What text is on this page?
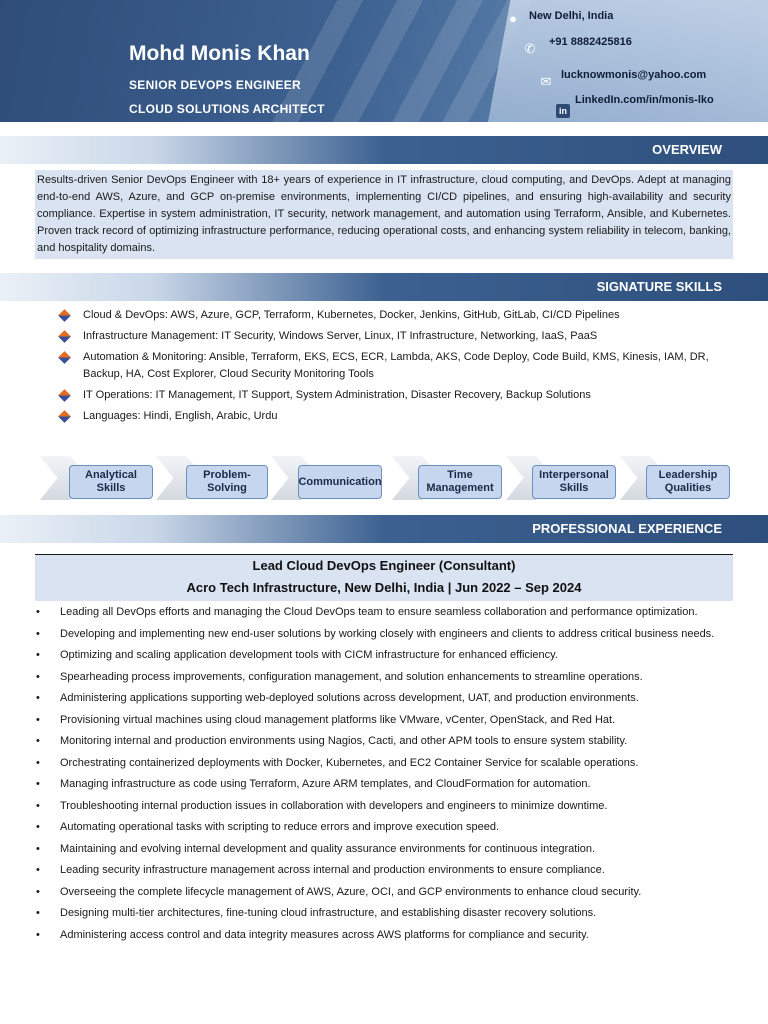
Mohd Monis Khan
SENIOR DEVOPS ENGINEER
CLOUD SOLUTIONS ARCHITECT
● New Delhi, India
✆ +91 8882425816
✉ lucknowmonis@yahoo.com
in
LinkedIn.com/in/monis-lko
OVERVIEW
Results-driven Senior DevOps Engineer with 18+ years of experience in IT infrastructure, cloud computing, and DevOps. Adept at managing end-to-end AWS, Azure, and GCP on-premise environments, implementing CI/CD pipelines, and ensuring high-availability and security compliance. Expertise in system administration, IT security, network management, and automation using Terraform, Ansible, and Kubernetes. Proven track record of optimizing infrastructure performance, reducing operational costs, and enhancing system reliability in telecom, banking, and hospitality domains.
SIGNATURE SKILLS
Cloud & DevOps: AWS, Azure, GCP, Terraform, Kubernetes, Docker, Jenkins, GitHub, GitLab, CI/CD Pipelines
Infrastructure Management: IT Security, Windows Server, Linux, IT Infrastructure, Networking, IaaS, PaaS
Automation & Monitoring: Ansible, Terraform, EKS, ECS, ECR, Lambda, AKS, Code Deploy, Code Build, KMS, Kinesis, IAM, DR, Backup, HA, Cost Explorer, Cloud Security Monitoring Tools
IT Operations: IT Management, IT Support, System Administration, Disaster Recovery, Backup Solutions
Languages: Hindi, English, Arabic, Urdu
Analytical Skills
Problem-Solving
Communication
Time Management
Interpersonal Skills
Leadership Qualities
PROFESSIONAL EXPERIENCE
Lead Cloud DevOps Engineer (Consultant)
Acro Tech Infrastructure, New Delhi, India | Jun 2022 – Sep 2024
• Leading all DevOps efforts and managing the Cloud DevOps team to ensure seamless collaboration and performance optimization.
• Developing and implementing new end-user solutions by working closely with engineers and clients to address critical business needs.
• Optimizing and scaling application development tools with CICM infrastructure for enhanced efficiency.
• Spearheading process improvements, configuration management, and solution enhancements to streamline operations.
• Administering applications supporting web-deployed solutions across development, UAT, and production environments.
• Provisioning virtual machines using cloud management platforms like VMware, vCenter, OpenStack, and Red Hat.
• Monitoring internal and production environments using Nagios, Cacti, and other APM tools to ensure system stability.
• Orchestrating containerized deployments with Docker, Kubernetes, and EC2 Container Service for scalable operations.
• Managing infrastructure as code using Terraform, Azure ARM templates, and CloudFormation for automation.
• Troubleshooting internal production issues in collaboration with developers and engineers to minimize downtime.
• Automating operational tasks with scripting to reduce errors and improve execution speed.
• Maintaining and evolving internal development and quality assurance environments for continuous integration.
• Leading security infrastructure management across internal and production environments to ensure compliance.
• Overseeing the complete lifecycle management of AWS, Azure, OCI, and GCP environments to enhance cloud security.
• Designing multi-tier architectures, fine-tuning cloud infrastructure, and establishing disaster recovery solutions.
• Administering access control and data integrity measures across AWS platforms for compliance and security.
